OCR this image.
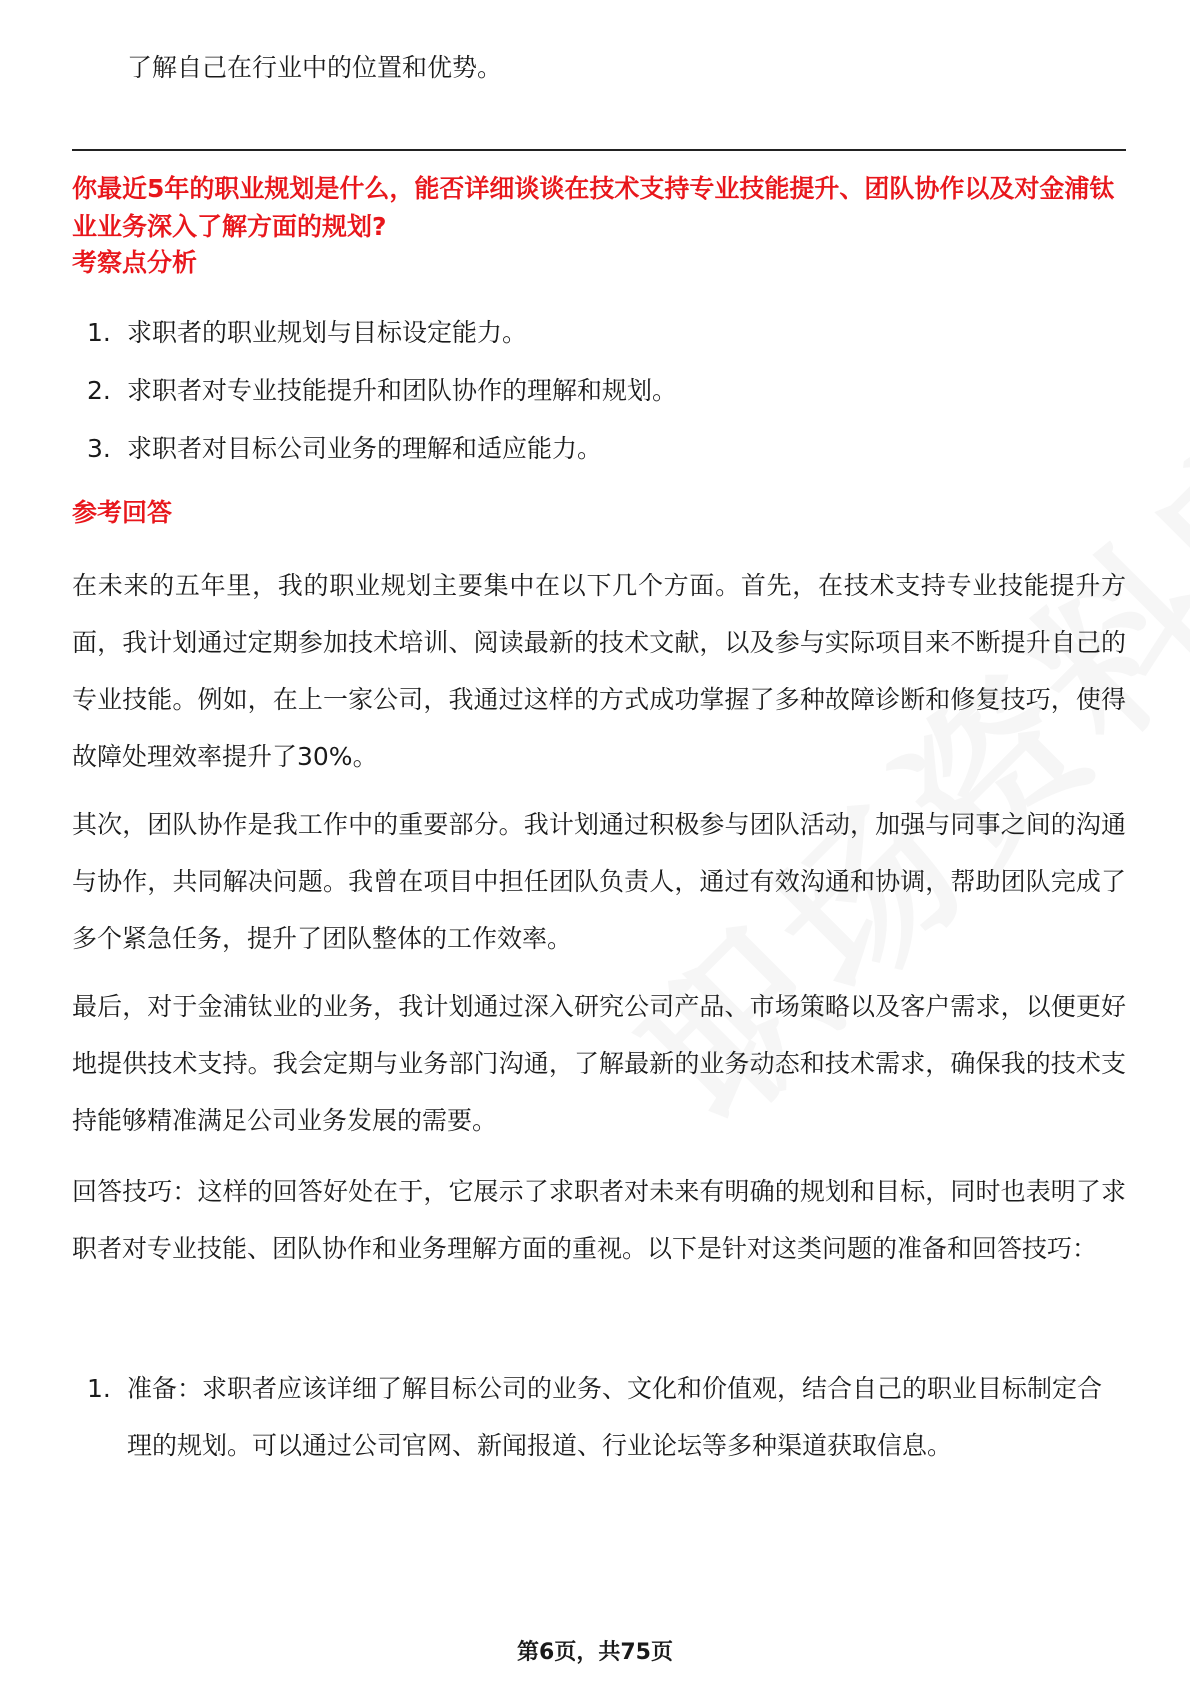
了解自己在行业中的位置和优势。
你最近5年的职业规划是什么，能否详细谈谈在技术支持专业技能提升、团队协作以及对金浦钛业业务深入了解方面的规划?
考察点分析
1. 求职者的职业规划与目标设定能力。
2. 求职者对专业技能提升和团队协作的理解和规划。
3. 求职者对目标公司业务的理解和适应能力。
参考回答

在未来的五年里，我的职业规划主要集中在以下几个方面。首先，在技术支持专业技能提升方面，我计划通过定期参加技术培训、阅读最新的技术文献，以及参与实际项目来不断提升自己的专业技能。例如，在上一家公司，我通过这样的方式成功掌握了多种故障诊断和修复技巧，使得故障处理效率提升了30%。

其次，团队协作是我工作中的重要部分。我计划通过积极参与团队活动，加强与同事之间的沟通与协作，共同解决问题。我曾在项目中担任团队负责人，通过有效沟通和协调，帮助团队完成了多个紧急任务，提升了团队整体的工作效率。

最后，对于金浦钛业的业务，我计划通过深入研究公司产品、市场策略以及客户需求，以便更好地提供技术支持。我会定期与业务部门沟通，了解最新的业务动态和技术需求，确保我的技术支持能够精准满足公司业务发展的需要。

回答技巧：这样的回答好处在于，它展示了求职者对未来有明确的规划和目标，同时也表明了求职者对专业技能、团队协作和业务理解方面的重视。以下是针对这类问题的准备和回答技巧：

1. 准备：求职者应该详细了解目标公司的业务、文化和价值观，结合自己的职业目标制定合理的规划。可以通过公司官网、新闻报道、行业论坛等多种渠道获取信息。
第6页，共75页
